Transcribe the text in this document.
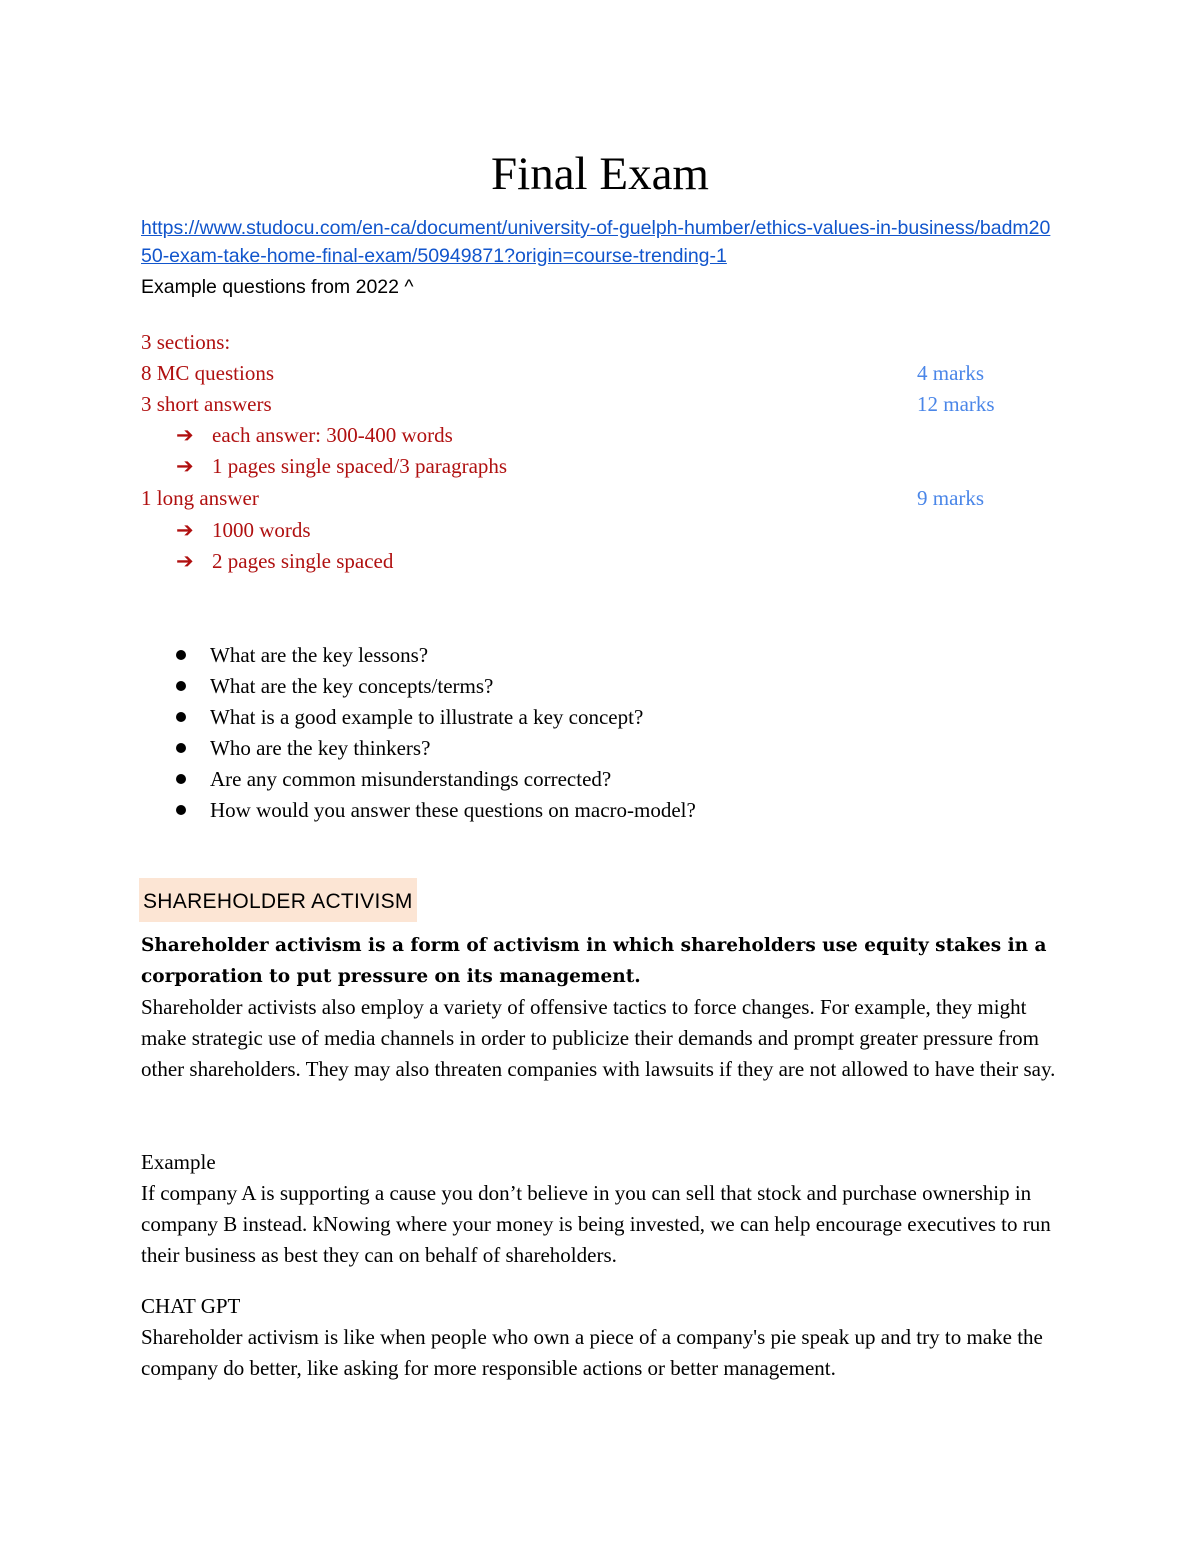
Final Exam
https://www.studocu.com/en-ca/document/university-of-guelph-humber/ethics-values-in-business/badm2050-exam-take-home-final-exam/50949871?origin=course-trending-1
Example questions from 2022 ^
3 sections:
8 MC questions	4 marks
3 short answers	12 marks
➔ each answer: 300-400 words
➔ 1 pages single spaced/3 paragraphs
1 long answer	9 marks
➔ 1000 words
➔ 2 pages single spaced
What are the key lessons?
What are the key concepts/terms?
What is a good example to illustrate a key concept?
Who are the key thinkers?
Are any common misunderstandings corrected?
How would you answer these questions on macro-model?
SHAREHOLDER ACTIVISM
Shareholder activism is a form of activism in which shareholders use equity stakes in a corporation to put pressure on its management.
Shareholder activists also employ a variety of offensive tactics to force changes. For example, they might make strategic use of media channels in order to publicize their demands and prompt greater pressure from other shareholders. They may also threaten companies with lawsuits if they are not allowed to have their say.
Example
If company A is supporting a cause you don’t believe in you can sell that stock and purchase ownership in company B instead. kNowing where your money is being invested, we can help encourage executives to run their business as best they can on behalf of shareholders.
CHAT GPT
Shareholder activism is like when people who own a piece of a company's pie speak up and try to make the company do better, like asking for more responsible actions or better management.
